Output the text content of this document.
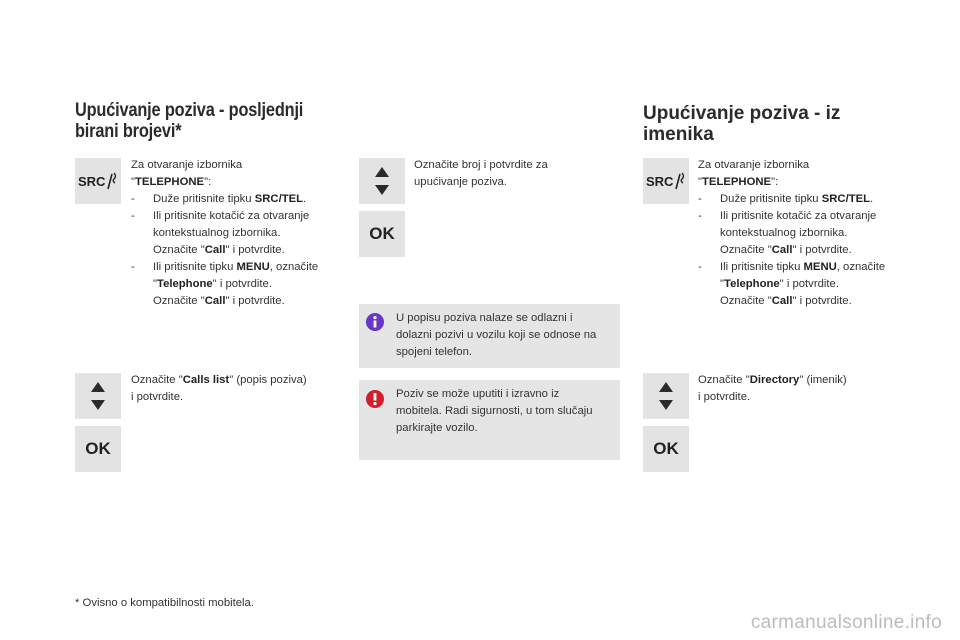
Upućivanje poziva - posljednji
birani brojevi*
SRC
Za otvaranje izbornika
"TELEPHONE":
-	Duže pritisnite tipku SRC/TEL.
-	Ili pritisnite kotačić za otvaranje
kontekstualnog izbornika.
Označite "Call" i potvrdite.
-	Ili pritisnite tipku MENU, označite
"Telephone" i potvrdite.
Označite "Call" i potvrdite.
OK
Označite "Calls list" (popis poziva)
i potvrdite.
OK
Označite broj i potvrdite za
upućivanje poziva.
U popisu poziva nalaze se odlazni i
dolazni pozivi u vozilu koji se odnose na
spojeni telefon.
Poziv se može uputiti i izravno iz
mobitela. Radi sigurnosti, u tom slučaju
parkirajte vozilo.
Upućivanje poziva - iz
imenika
SRC
Za otvaranje izbornika
"TELEPHONE":
-	Duže pritisnite tipku SRC/TEL.
-	Ili pritisnite kotačić za otvaranje
kontekstualnog izbornika.
Označite "Call" i potvrdite.
-	Ili pritisnite tipku MENU, označite
"Telephone" i potvrdite.
Označite "Call" i potvrdite.
OK
Označite "Directory" (imenik)
i potvrdite.
* Ovisno o kompatibilnosti mobitela.
carmanualsonline.info
